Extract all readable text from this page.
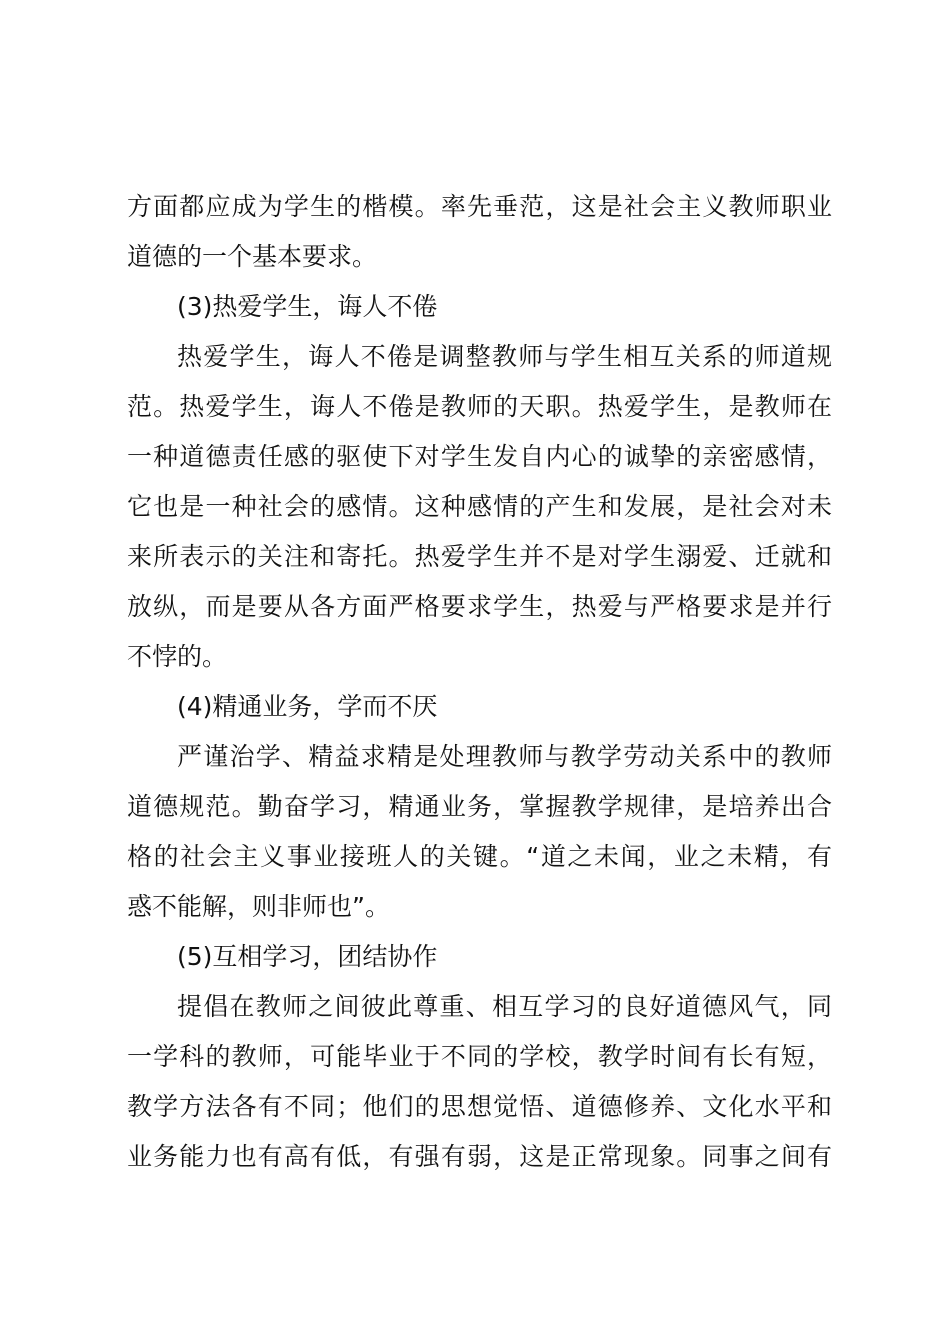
方面都应成为学生的楷模。率先垂范，这是社会主义教师职业
道德的一个基本要求。
(3)热爱学生，诲人不倦
热爱学生，诲人不倦是调整教师与学生相互关系的师道规
范。热爱学生，诲人不倦是教师的天职。热爱学生，是教师在
一种道德责任感的驱使下对学生发自内心的诚挚的亲密感情，
它也是一种社会的感情。这种感情的产生和发展，是社会对未
来所表示的关注和寄托。热爱学生并不是对学生溺爱、迁就和
放纵，而是要从各方面严格要求学生，热爱与严格要求是并行
不悖的。
(4)精通业务，学而不厌
严谨治学、精益求精是处理教师与教学劳动关系中的教师
道德规范。勤奋学习，精通业务，掌握教学规律，是培养出合
格的社会主义事业接班人的关键。“道之未闻，业之未精，有
惑不能解，则非师也”。
(5)互相学习，团结协作
提倡在教师之间彼此尊重、相互学习的良好道德风气，同
一学科的教师，可能毕业于不同的学校，教学时间有长有短，
教学方法各有不同；他们的思想觉悟、道德修养、文化水平和
业务能力也有高有低，有强有弱，这是正常现象。同事之间有
